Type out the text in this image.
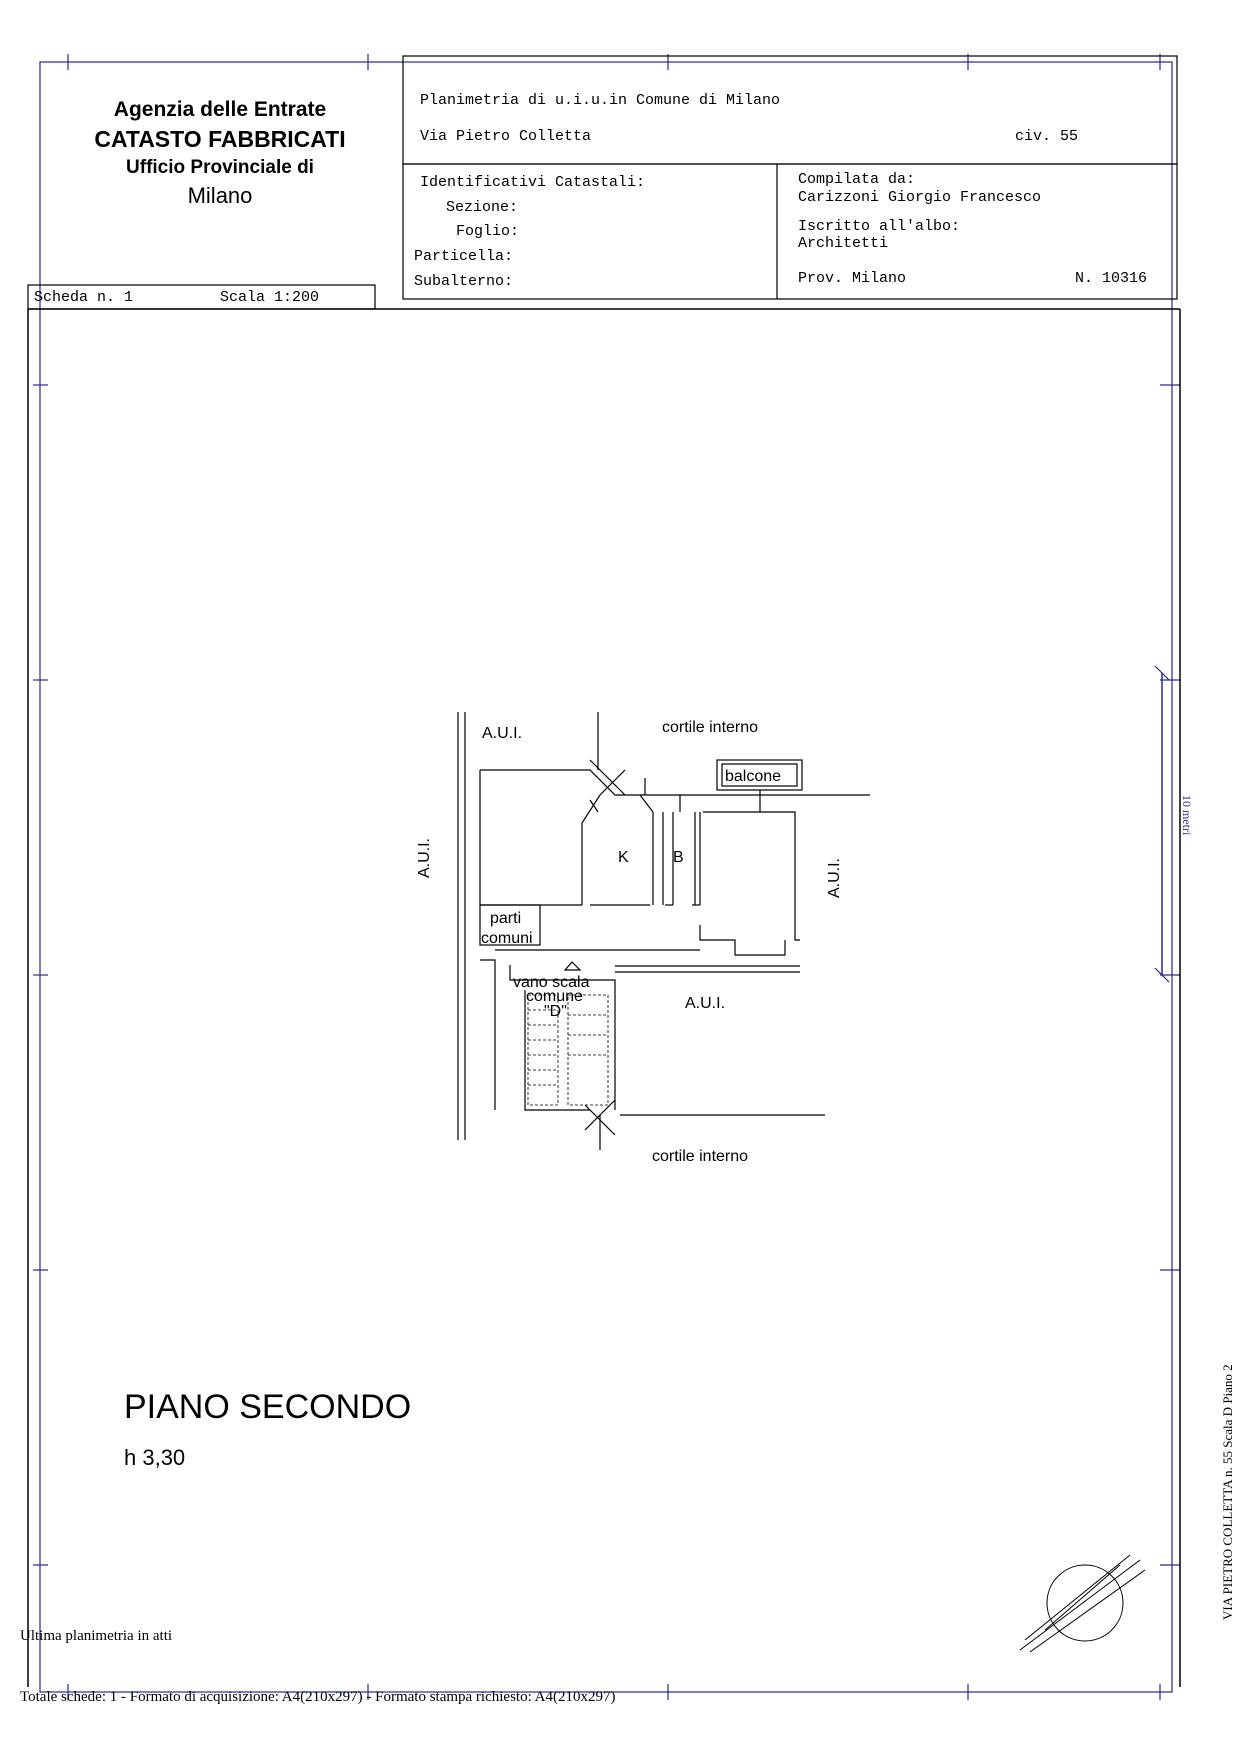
Agenzia delle Entrate
CATASTO FABBRICATI
Ufficio Provinciale di
Milano
Planimetria di u.i.u.in Comune di Milano
Via Pietro Colletta	civ. 55
Identificativi Catastali:
Sezione:
Foglio:
Particella:
Subalterno:
Compilata da:
Carizzoni Giorgio Francesco
Iscritto all'albo:
Architetti
Prov. Milano	N. 10316
Scheda n. 1	Scala 1:200
A.U.I.	cortile interno
balcone
K	B
A.U.I.	A.U.I.
parti
comuni
vano scala
comune
"D"	A.U.I.
cortile interno
PIANO SECONDO
h 3,30
10 metri
VIA PIETRO COLLETTA n. 55 Scala D Piano 2
Ultima planimetria in atti
Totale schede: 1 - Formato di acquisizione: A4(210x297) - Formato stampa richiesto: A4(210x297)
